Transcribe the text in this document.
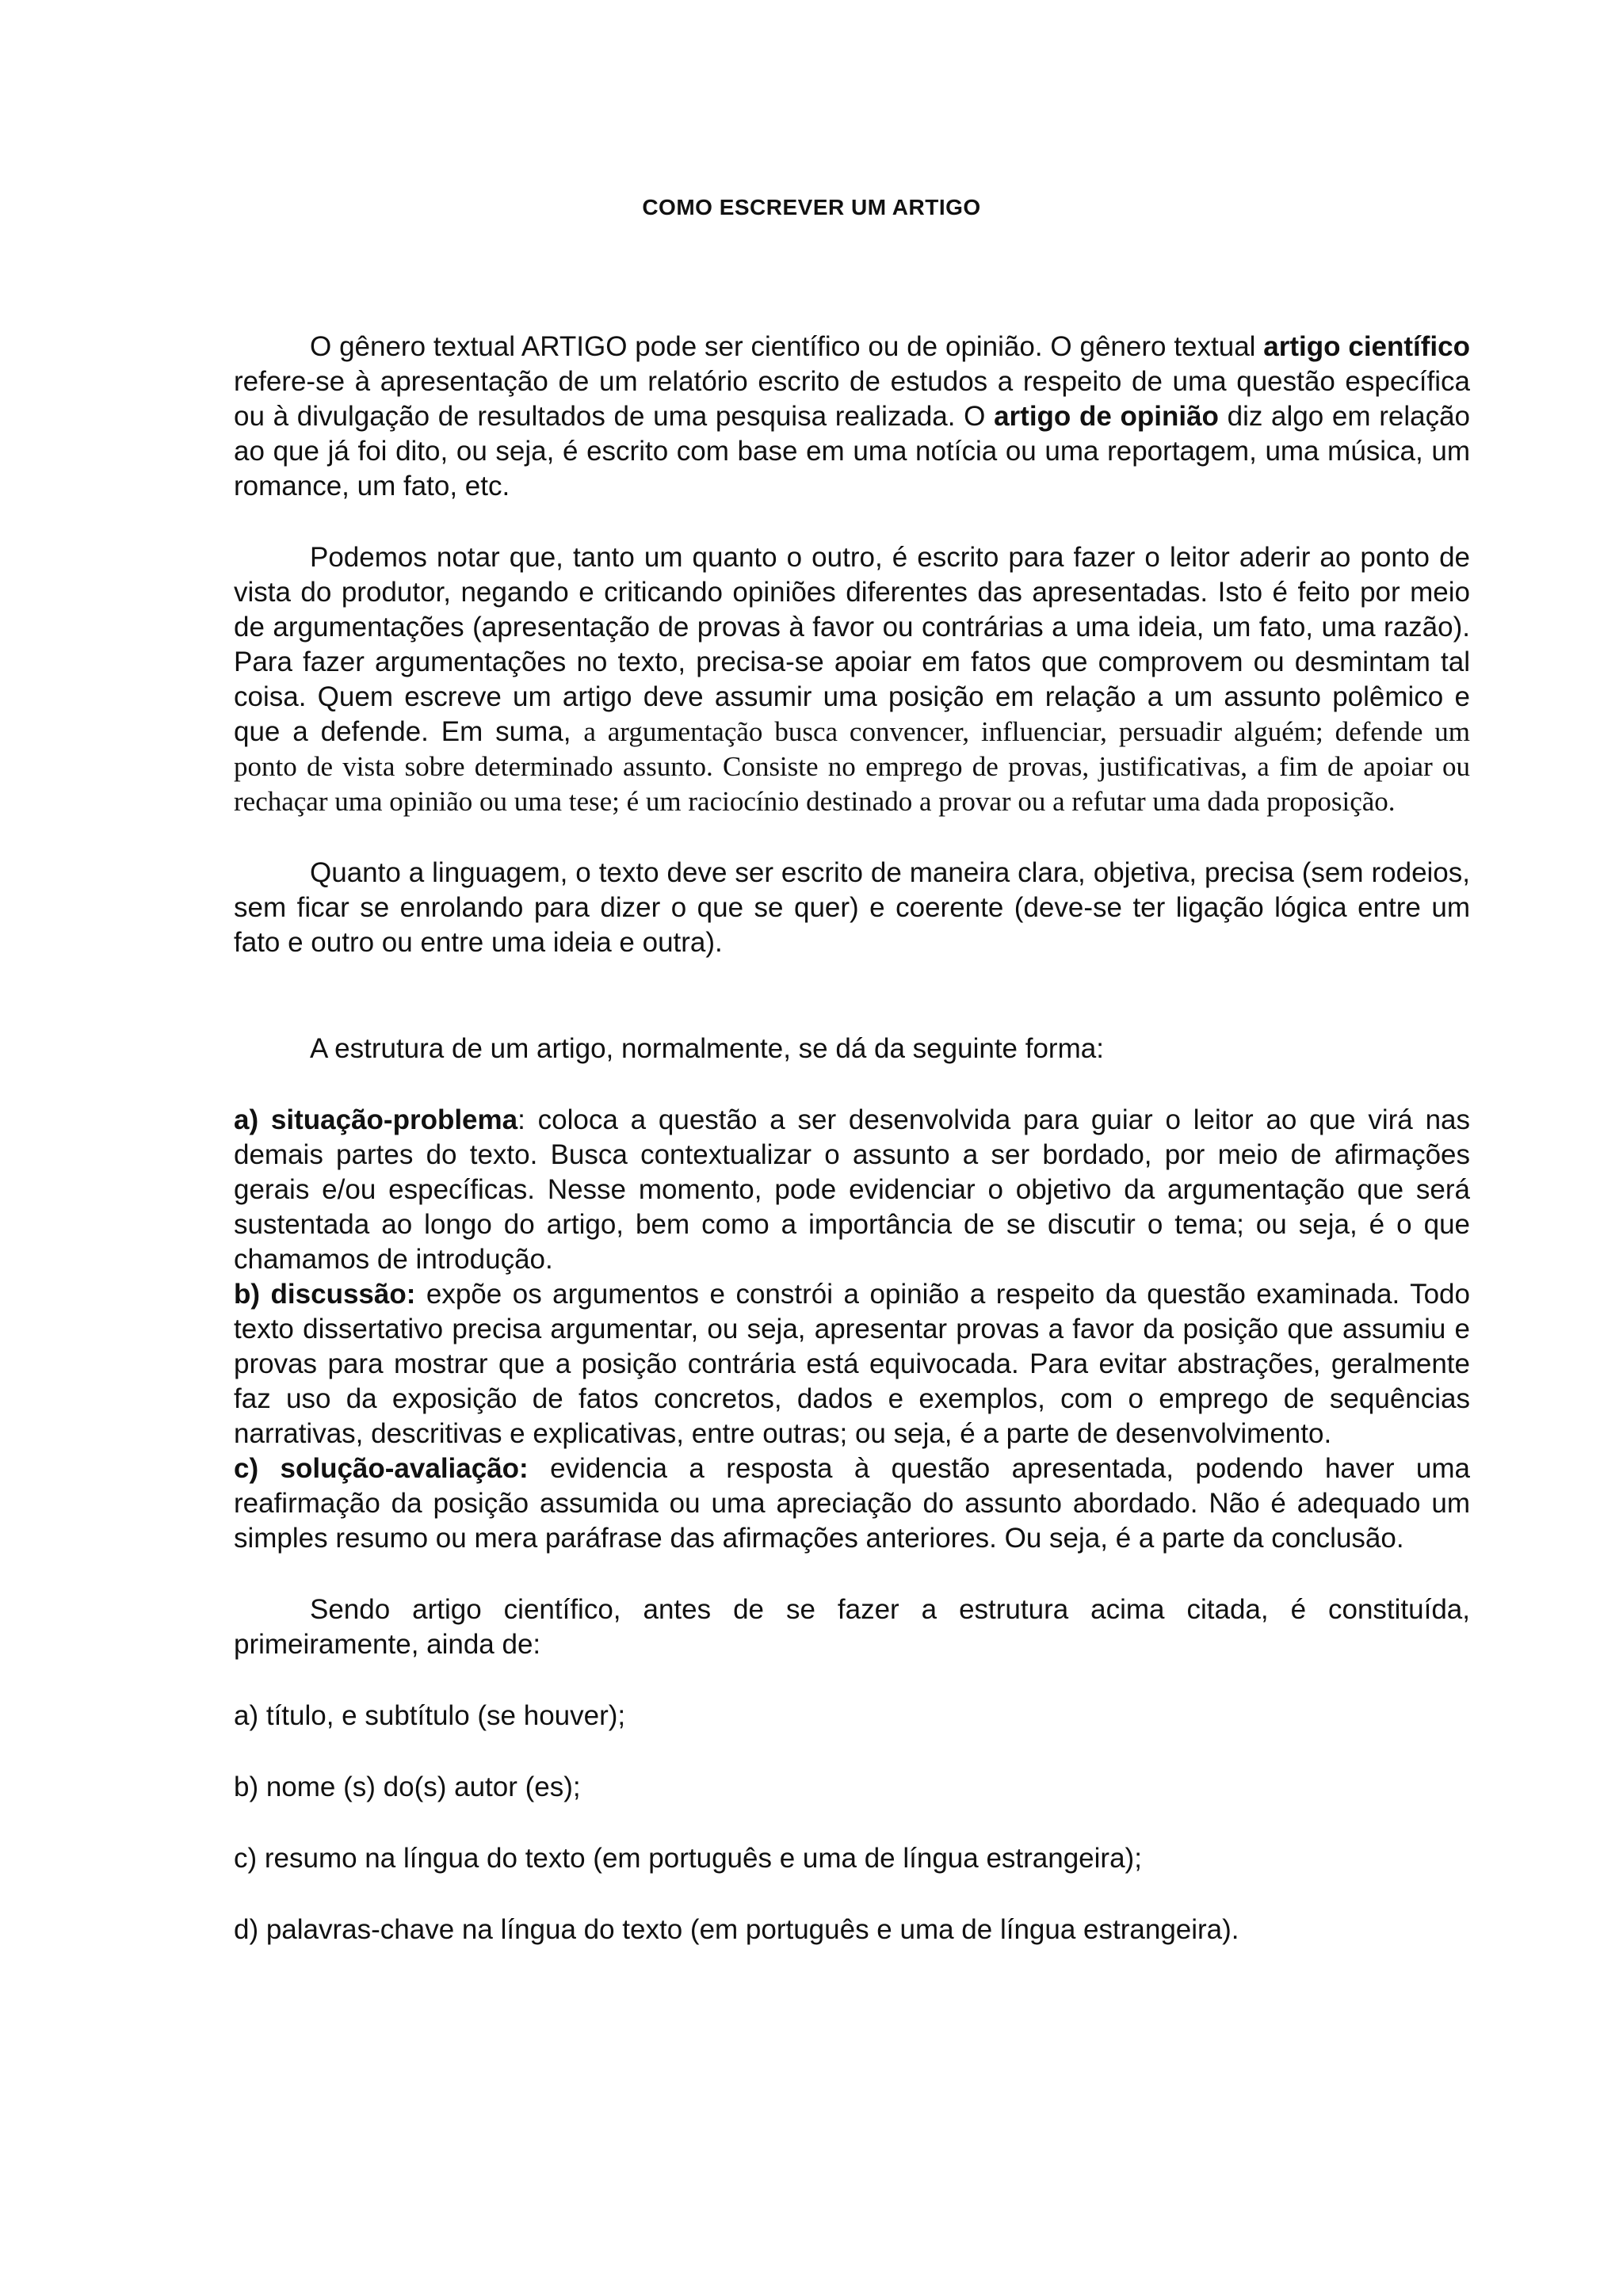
COMO ESCREVER UM ARTIGO

O gênero textual ARTIGO pode ser científico ou de opinião. O gênero textual artigo científico refere-se à apresentação de um relatório escrito de estudos a respeito de uma questão específica ou à divulgação de resultados de uma pesquisa realizada. O artigo de opinião diz algo em relação ao que já foi dito, ou seja, é escrito com base em uma notícia ou uma reportagem, uma música, um romance, um fato, etc.

Podemos notar que, tanto um quanto o outro, é escrito para fazer o leitor aderir ao ponto de vista do produtor, negando e criticando opiniões diferentes das apresentadas. Isto é feito por meio de argumentações (apresentação de provas à favor ou contrárias a uma ideia, um fato, uma razão). Para fazer argumentações no texto, precisa-se apoiar em fatos que comprovem ou desmintam tal coisa. Quem escreve um artigo deve assumir uma posição em relação a um assunto polêmico e que a defende. Em suma, a argumentação busca convencer, influenciar, persuadir alguém; defende um ponto de vista sobre determinado assunto. Consiste no emprego de provas, justificativas, a fim de apoiar ou rechaçar uma opinião ou uma tese; é um raciocínio destinado a provar ou a refutar uma dada proposição.

Quanto a linguagem, o texto deve ser escrito de maneira clara, objetiva, precisa (sem rodeios, sem ficar se enrolando para dizer o que se quer) e coerente (deve-se ter ligação lógica entre um fato e outro ou entre uma ideia e outra).

A estrutura de um artigo, normalmente, se dá da seguinte forma:

a) situação-problema: coloca a questão a ser desenvolvida para guiar o leitor ao que virá nas demais partes do texto. Busca contextualizar o assunto a ser bordado, por meio de afirmações gerais e/ou específicas. Nesse momento, pode evidenciar o objetivo da argumentação que será sustentada ao longo do artigo, bem como a importância de se discutir o tema; ou seja, é o que chamamos de introdução.

b) discussão: expõe os argumentos e constrói a opinião a respeito da questão examinada. Todo texto dissertativo precisa argumentar, ou seja, apresentar provas a favor da posição que assumiu e provas para mostrar que a posição contrária está equivocada. Para evitar abstrações, geralmente faz uso da exposição de fatos concretos, dados e exemplos, com o emprego de sequências narrativas, descritivas e explicativas, entre outras; ou seja, é a parte de desenvolvimento.

c) solução-avaliação: evidencia a resposta à questão apresentada, podendo haver uma reafirmação da posição assumida ou uma apreciação do assunto abordado. Não é adequado um simples resumo ou mera paráfrase das afirmações anteriores. Ou seja, é a parte da conclusão.

Sendo artigo científico, antes de se fazer a estrutura acima citada, é constituída, primeiramente, ainda de:

a) título, e subtítulo (se houver);

b) nome (s) do(s) autor (es);

c) resumo na língua do texto (em português e uma de língua estrangeira);

d) palavras-chave na língua do texto (em português e uma de língua estrangeira).
